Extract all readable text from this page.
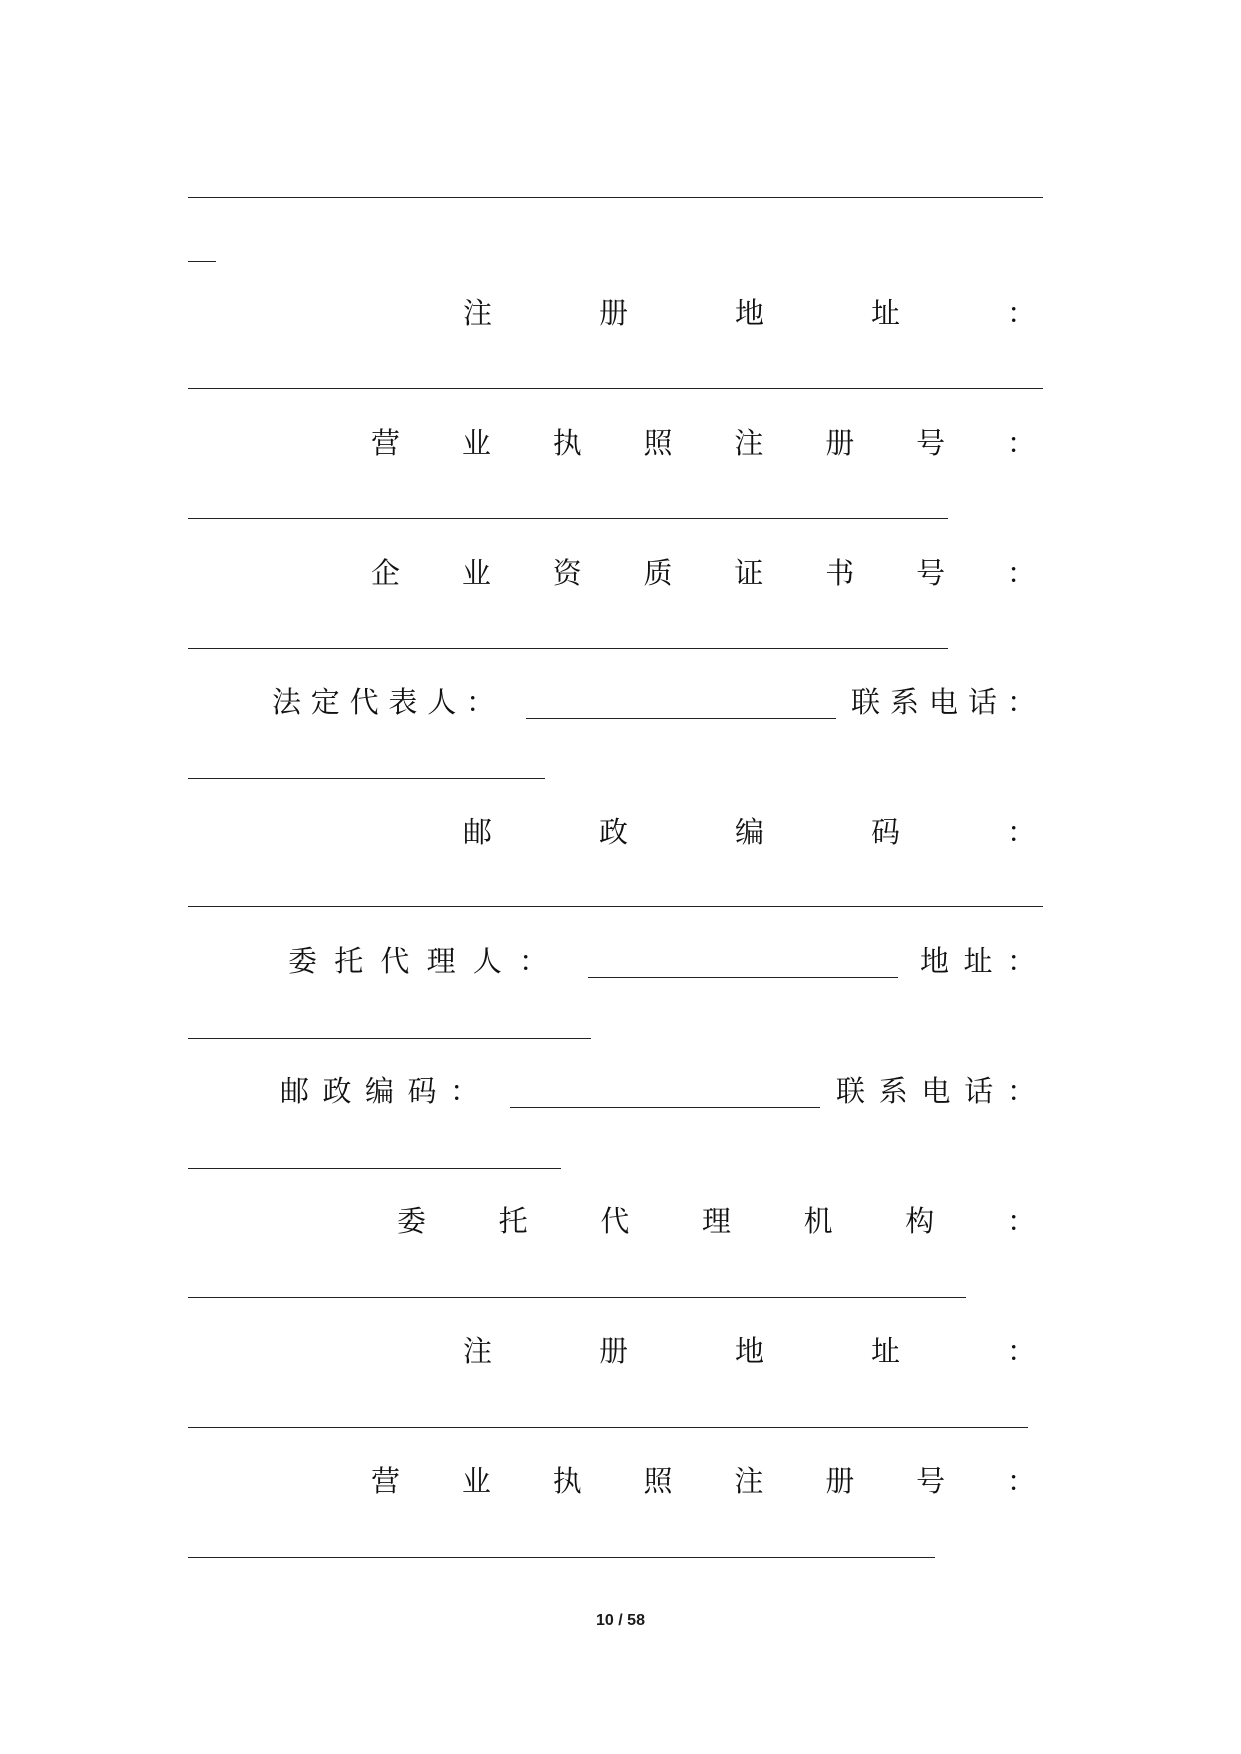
注	册	地	址	：
营 业 执 照 注 册 号 ：
企 业 资 质 证 书 号 ：
法 定 代 表 人 ：	联 系 电 话 ：
邮	政	编	码	：
委 托 代 理 人 ：	地 址 ：
邮 政 编 码 ：	联 系 电 话 ：
委	托	代	理	机	构	：
注	册	地	址	：
营 业 执 照 注 册 号 ：
10 / 58
